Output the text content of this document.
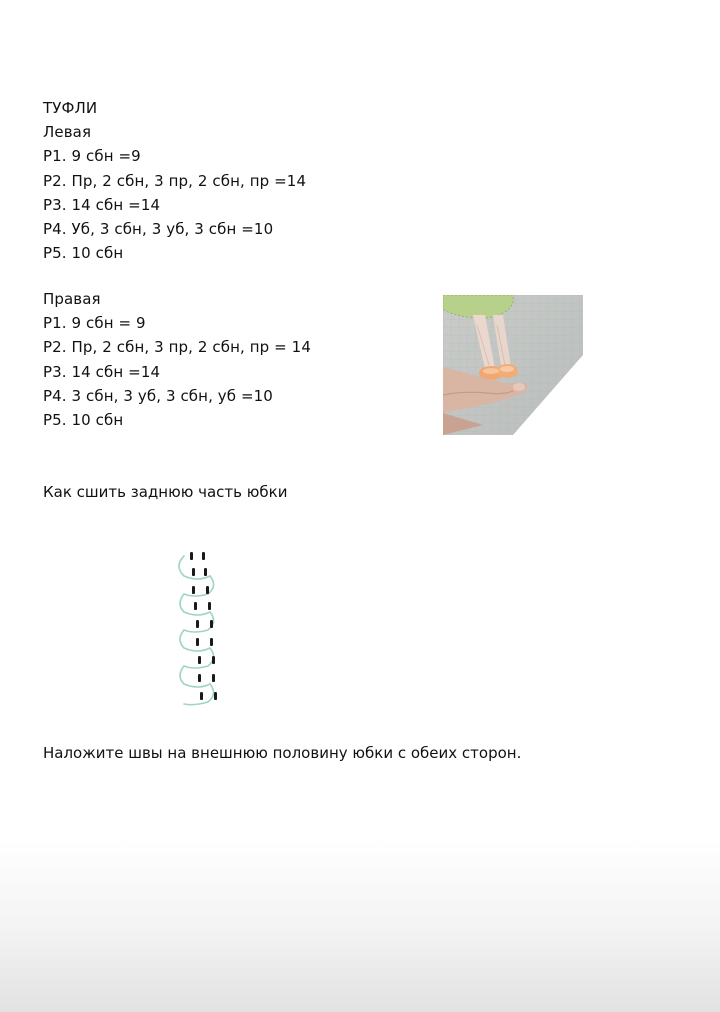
ТУФЛИ
Левая
Р1. 9 сбн =9
Р2. Пр, 2 сбн, 3 пр, 2 сбн, пр =14
Р3. 14 сбн =14
Р4. Уб, 3 сбн, 3 уб, 3 сбн =10
Р5. 10 сбн
Правая
Р1. 9 сбн = 9
Р2. Пр, 2 сбн, 3 пр, 2 сбн, пр = 14
Р3. 14 сбн =14
Р4. 3 сбн, 3 уб, 3 сбн, уб =10
Р5. 10 сбн
Как сшить заднюю часть юбки
Наложите швы на внешнюю половину юбки с обеих сторон.
